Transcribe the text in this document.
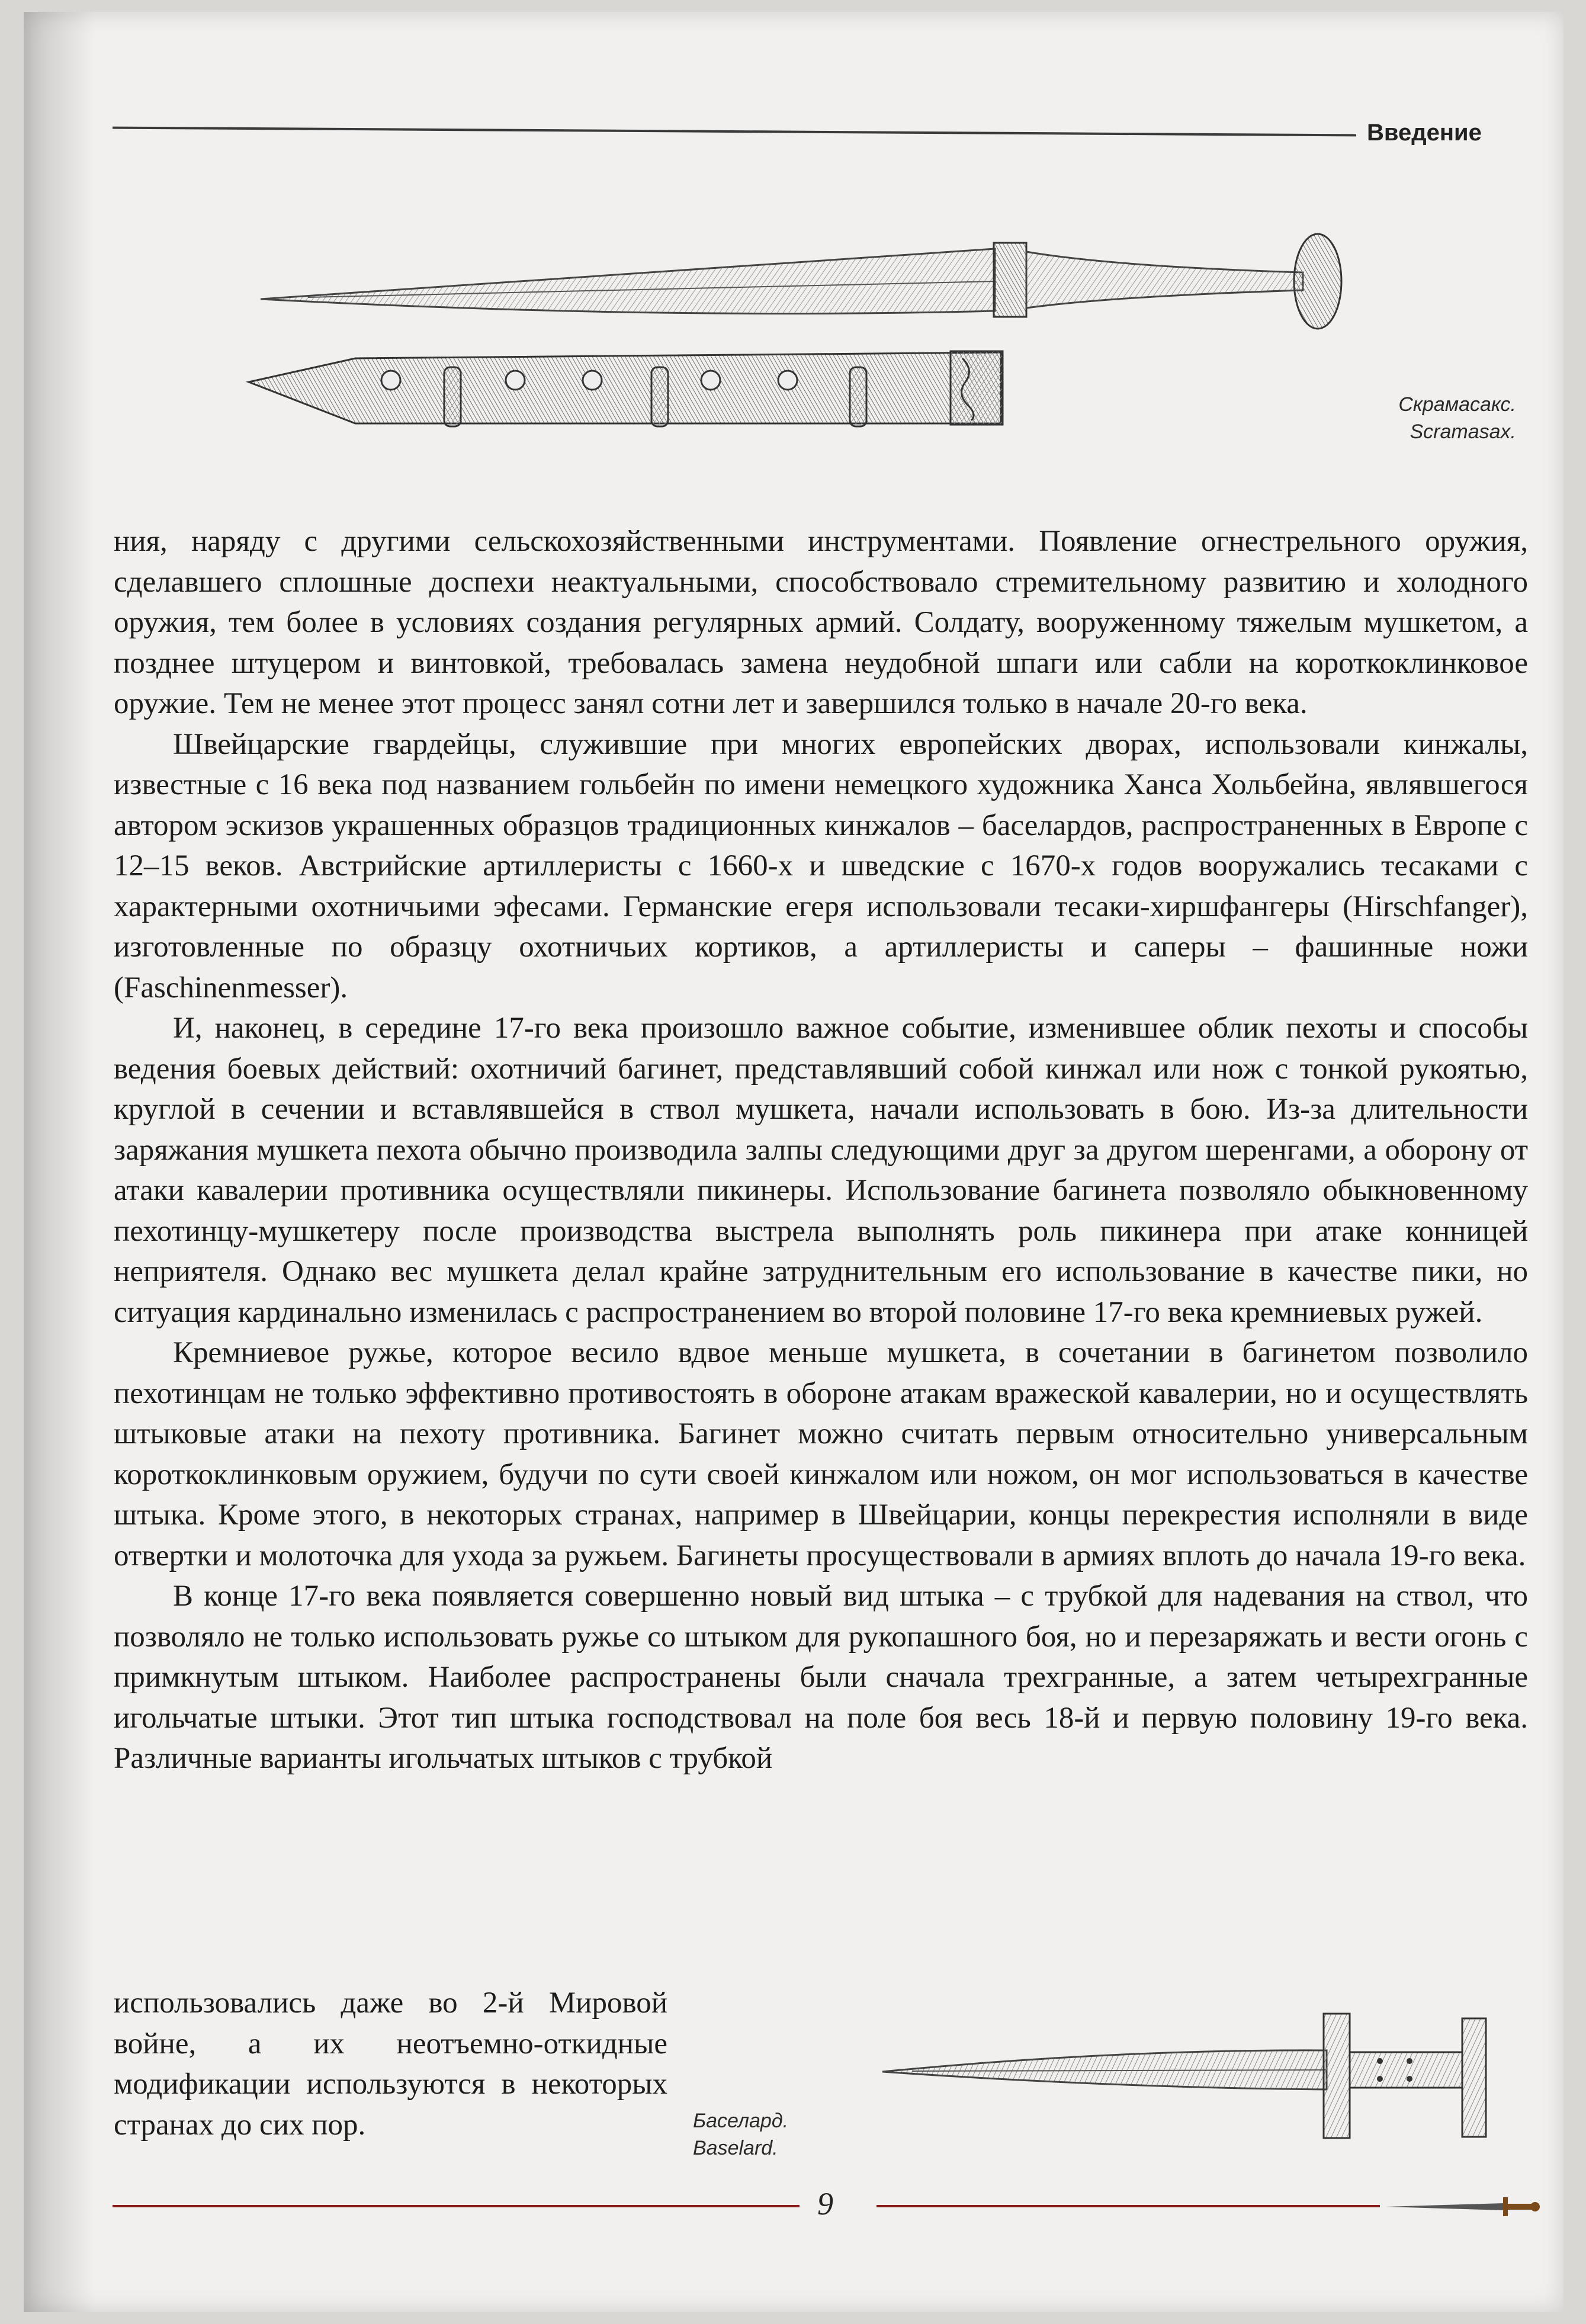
Введение
Скрамасакс.
Scramasax.

ния, наряду с другими сельскохозяйственными инструментами. Появление огнестрельного оружия, сделавшего сплошные доспехи неактуальными, способствовало стремительному развитию и холодного оружия, тем более в условиях создания регулярных армий. Солдату, вооруженному тяжелым мушкетом, а позднее штуцером и винтовкой, требовалась замена неудобной шпаги или сабли на короткоклинковое оружие. Тем не менее этот процесс занял сотни лет и завершился только в начале 20-го века.

Швейцарские гвардейцы, служившие при многих европейских дворах, использовали кинжалы, известные с 16 века под названием гольбейн по имени немецкого художника Ханса Хольбейна, являвшегося автором эскизов украшенных образцов традиционных кинжалов – баселардов, распространенных в Европе с 12–15 веков. Австрийские артиллеристы с 1660-х и шведские с 1670-х годов вооружались тесаками с характерными охотничьими эфесами. Германские егеря использовали тесаки-хиршфангеры (Hirschfanger), изготовленные по образцу охотничьих кортиков, а артиллеристы и саперы – фашинные ножи (Faschinenmesser).

И, наконец, в середине 17-го века произошло важное событие, изменившее облик пехоты и способы ведения боевых действий: охотничий багинет, представлявший собой кинжал или нож с тонкой рукоятью, круглой в сечении и вставлявшейся в ствол мушкета, начали использовать в бою. Из-за длительности заряжания мушкета пехота обычно производила залпы следующими друг за другом шеренгами, а оборону от атаки кавалерии противника осуществляли пикинеры. Использование багинета позволяло обыкновенному пехотинцу-мушкетеру после производства выстрела выполнять роль пикинера при атаке конницей неприятеля. Однако вес мушкета делал крайне затруднительным его использование в качестве пики, но ситуация кардинально изменилась с распространением во второй половине 17-го века кремниевых ружей.

Кремниевое ружье, которое весило вдвое меньше мушкета, в сочетании в багинетом позволило пехотинцам не только эффективно противостоять в обороне атакам вражеской кавалерии, но и осуществлять штыковые атаки на пехоту противника. Багинет можно считать первым относительно универсальным короткоклинковым оружием, будучи по сути своей кинжалом или ножом, он мог использоваться в качестве штыка. Кроме этого, в некоторых странах, например в Швейцарии, концы перекрестия исполняли в виде отвертки и молоточка для ухода за ружьем. Багинеты просуществовали в армиях вплоть до начала 19-го века.

В конце 17-го века появляется совершенно новый вид штыка – с трубкой для надевания на ствол, что позволяло не только использовать ружье со штыком для рукопашного боя, но и перезаряжать и вести огонь с примкнутым штыком. Наиболее распространены были сначала трехгранные, а затем четырехгранные игольчатые штыки. Этот тип штыка господствовал на поле боя весь 18-й и первую половину 19-го века. Различные варианты игольчатых штыков с трубкой

использовались даже во 2-й Мировой войне, а их неотъемно-откидные модификации используются в некоторых странах до сих пор.	Баселард.
Baselard.
9
